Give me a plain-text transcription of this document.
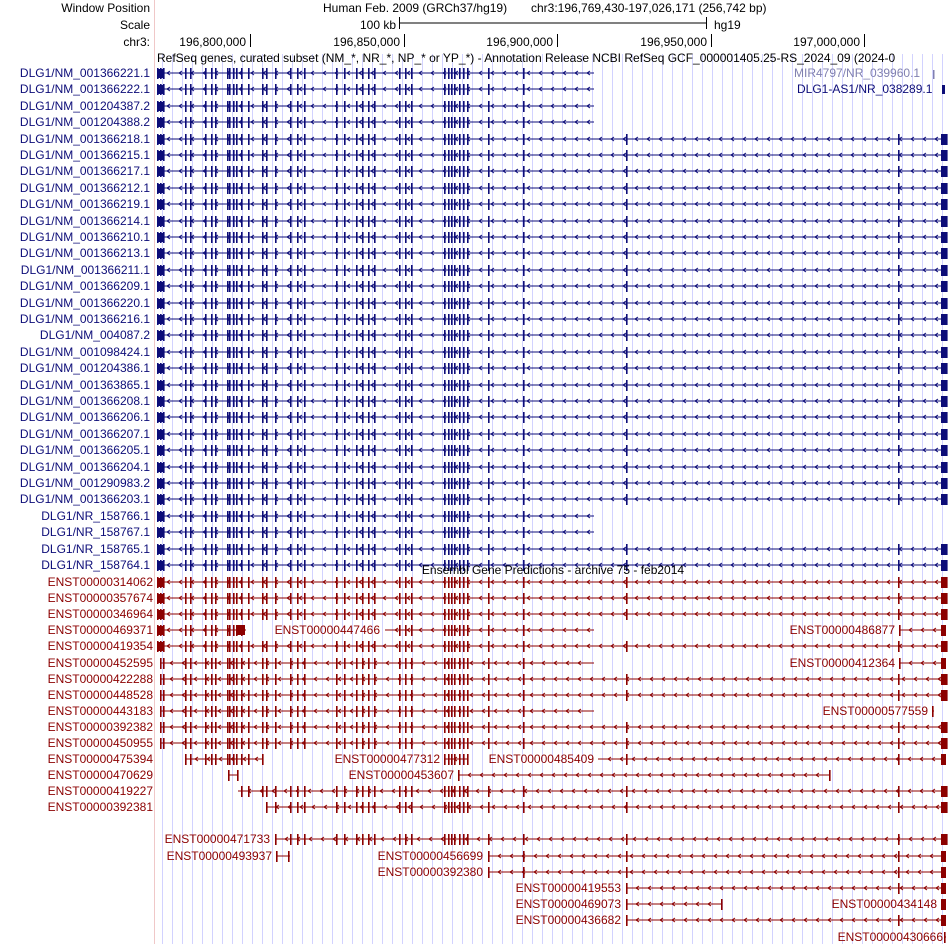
Window Position
Scale
chr3:
Human Feb. 2009 (GRCh37/hg19) chr3:196,769,430-197,026,171 (256,742 bp)
100 kb	hg19
196,800,000	196,850,000	196,900,000	196,950,000	197,000,000
RefSeq genes, curated subset (NM_*, NR_*, NP_* or YP_*) - Annotation Release NCBI RefSeq GCF_000001405.25-RS_2024_09 (2024-0
DLG1/NM_001366221.1
DLG1/NM_001366222.1
DLG1/NM_001204387.2
DLG1/NM_001204388.2
DLG1/NM_001366218.1
DLG1/NM_001366215.1
DLG1/NM_001366217.1
DLG1/NM_001366212.1
DLG1/NM_001366219.1
DLG1/NM_001366214.1
DLG1/NM_001366210.1
DLG1/NM_001366213.1
DLG1/NM_001366211.1
DLG1/NM_001366209.1
DLG1/NM_001366220.1
DLG1/NM_001366216.1
DLG1/NM_004087.2
DLG1/NM_001098424.1
DLG1/NM_001204386.1
DLG1/NM_001363865.1
DLG1/NM_001366208.1
DLG1/NM_001366206.1
DLG1/NM_001366207.1
DLG1/NM_001366205.1
DLG1/NM_001366204.1
DLG1/NM_001290983.2
DLG1/NM_001366203.1
DLG1/NR_158766.1
DLG1/NR_158767.1
DLG1/NR_158765.1
DLG1/NR_158764.1
MIR4797/NR_039960.1
DLG1-AS1/NR_038289.1
Ensembl Gene Predictions - archive 75 - feb2014
ENST00000314062
ENST00000357674
ENST00000346964
ENST00000469371
ENST00000419354
ENST00000452595
ENST00000422288
ENST00000448528
ENST00000443183
ENST00000392382
ENST00000450955
ENST00000475394
ENST00000470629
ENST00000419227
ENST00000392381
ENST00000447466	ENST00000486877
ENST00000412364
ENST00000577559
ENST00000477312	ENST00000485409
ENST00000453607
ENST00000471733
ENST00000493937	ENST00000456699
ENST00000392380
ENST00000419553
ENST00000469073	ENST00000434148
ENST00000436682
ENST00000430666
